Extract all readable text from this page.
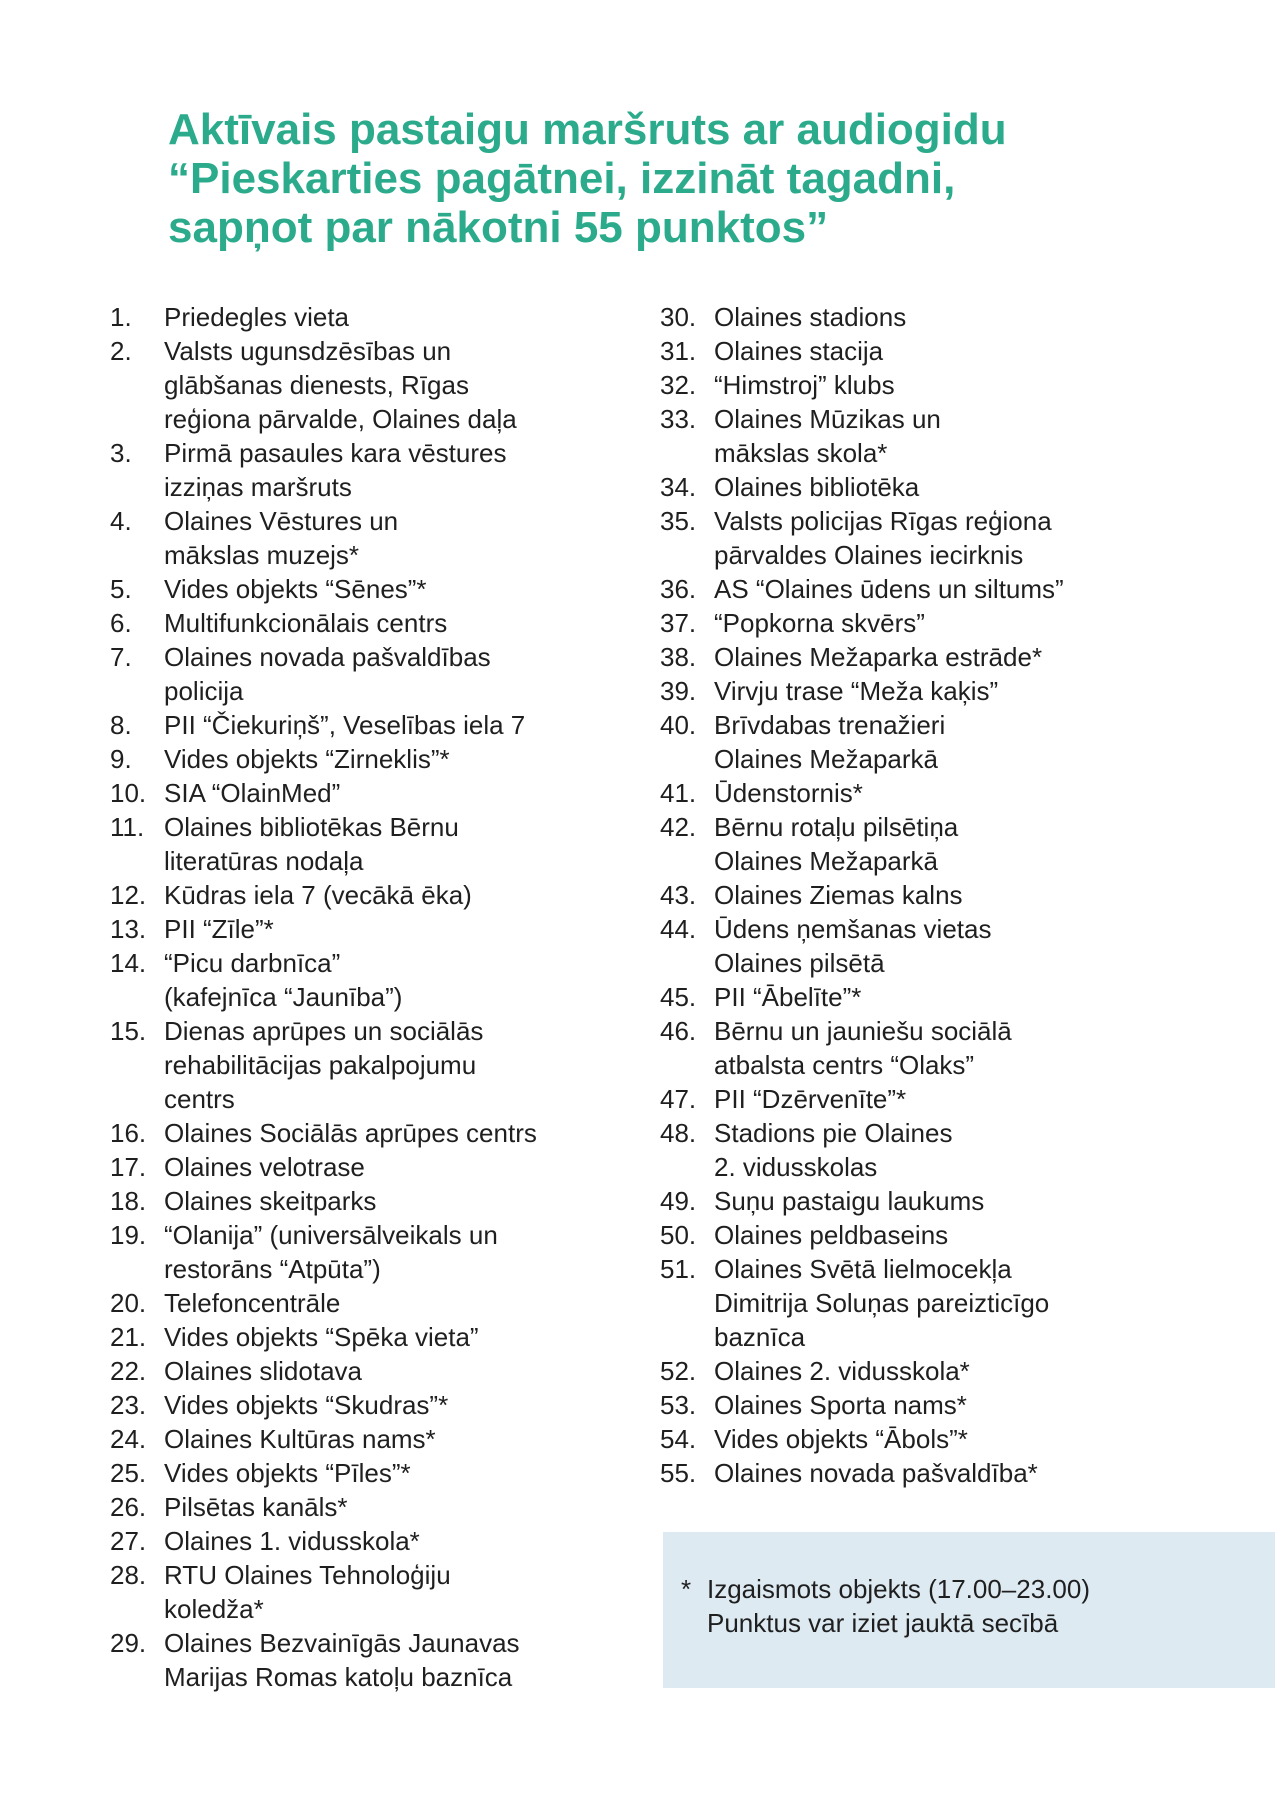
Aktīvais pastaigu maršruts ar audiogidu
“Pieskarties pagātnei, izzināt tagadni,
sapņot par nākotni 55 punktos”
1.	Priedegles vieta
2.	Valsts ugunsdzēsības un
glābšanas dienests, Rīgas
reģiona pārvalde, Olaines daļa
3.	Pirmā pasaules kara vēstures
izziņas maršruts
4.	Olaines Vēstures un
mākslas muzejs*
5.	Vides objekts “Sēnes”*
6.	Multifunkcionālais centrs
7.	Olaines novada pašvaldības
policija
8.	PII “Čiekuriņš”, Veselības iela 7
9.	Vides objekts “Zirneklis”*
10. SIA “OlainMed”
11. Olaines bibliotēkas Bērnu
literatūras nodaļa
12. Kūdras iela 7 (vecākā ēka)
13. PII “Zīle”*
14. “Picu darbnīca”
(kafejnīca “Jaunība”)
15. Dienas aprūpes un sociālās
rehabilitācijas pakalpojumu
centrs
16. Olaines Sociālās aprūpes centrs
17. Olaines velotrase
18. Olaines skeitparks
19. “Olanija” (universālveikals un
restorāns “Atpūta”)
20. Telefoncentrāle
21. Vides objekts “Spēka vieta”
22. Olaines slidotava
23. Vides objekts “Skudras”*
24. Olaines Kultūras nams*
25. Vides objekts “Pīles”*
26. Pilsētas kanāls*
27. Olaines 1. vidusskola*
28. RTU Olaines Tehnoloģiju
koledža*
29. Olaines Bezvainīgās Jaunavas
Marijas Romas katoļu baznīca
30. Olaines stadions
31. Olaines stacija
32. “Himstroj” klubs
33. Olaines Mūzikas un
mākslas skola*
34. Olaines bibliotēka
35. Valsts policijas Rīgas reģiona
pārvaldes Olaines iecirknis
36. AS “Olaines ūdens un siltums”
37. “Popkorna skvērs”
38. Olaines Mežaparka estrāde*
39. Virvju trase “Meža kaķis”
40. Brīvdabas trenažieri
Olaines Mežaparkā
41. Ūdenstornis*
42. Bērnu rotaļu pilsētiņa
Olaines Mežaparkā
43. Olaines Ziemas kalns
44. Ūdens ņemšanas vietas
Olaines pilsētā
45. PII “Ābelīte”*
46. Bērnu un jauniešu sociālā
atbalsta centrs “Olaks”
47. PII “Dzērvenīte”*
48. Stadions pie Olaines
2. vidusskolas
49. Suņu pastaigu laukums
50. Olaines peldbaseins
51. Olaines Svētā lielmocekļa
Dimitrija Soluņas pareizticīgo
baznīca
52. Olaines 2. vidusskola*
53. Olaines Sporta nams*
54. Vides objekts “Ābols”*
55. Olaines novada pašvaldība*
* Izgaismots objekts (17.00–23.00)
Punktus var iziet jauktā secībā
